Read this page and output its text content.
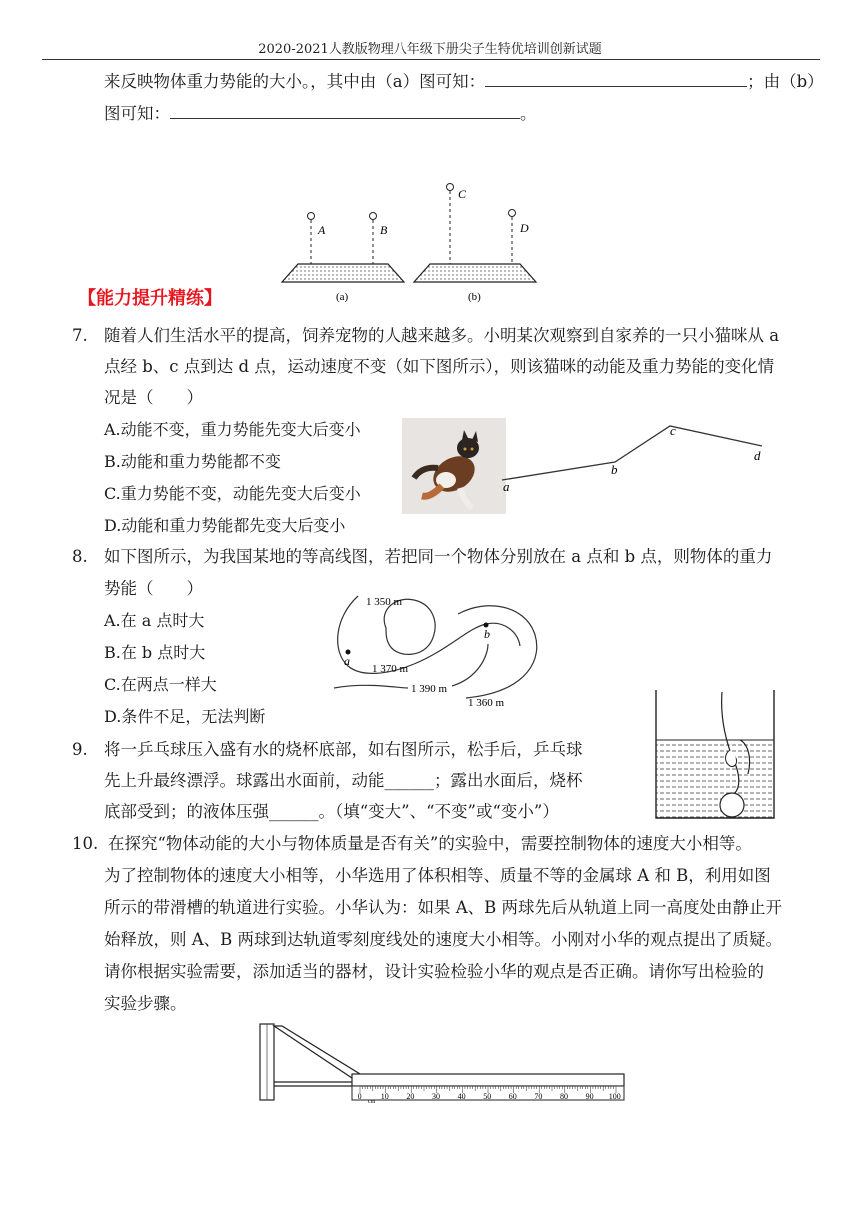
2020-2021人教版物理八年级下册尖子生特优培训创新试题
来反映物体重力势能的大小。，其中由（a）图可知：	；由（b）
图可知：	。
A	B
C
D
(a)	(b)
【能力提升精练】
7. 随着人们生活水平的提高，饲养宠物的人越来越多。小明某次观察到自家养的一只小猫咪从 a
点经 b、c 点到达 d 点，运动速度不变（如下图所示），则该猫咪的动能及重力势能的变化情
况是（　　）
A.动能不变，重力势能先变大后变小
B.动能和重力势能都不变
C.重力势能不变，动能先变大后变小
D.动能和重力势能都先变大后变小
a
b
c
d
8. 如下图所示，为我国某地的等高线图，若把同一个物体分别放在 a 点和 b 点，则物体的重力
势能（　　）
A.在 a 点时大
B.在 b 点时大
C.在两点一样大
D.条件不足，无法判断
1 350 m
1 370 m
1 390 m
1 360 m
a
b
9. 将一乒乓球压入盛有水的烧杯底部，如右图所示，松手后，乒乓球
先上升最终漂浮。球露出水面前，动能______；露出水面后，烧杯
底部受到；的液体压强______。（填“变大”、“不变”或“变小”）
10. 在探究“物体动能的大小与物体质量是否有关”的实验中，需要控制物体的速度大小相等。
为了控制物体的速度大小相等，小华选用了体积相等、质量不等的金属球 A 和 B，利用如图
所示的带滑槽的轨道进行实验。小华认为：如果 A、B 两球先后从轨道上同一高度处由静止开
始释放，则 A、B 两球到达轨道零刻度线处的速度大小相等。小刚对小华的观点提出了质疑。
请你根据实验需要，添加适当的器材，设计实验检验小华的观点是否正确。请你写出检验的
实验步骤。
0 10 20 30 40 50 60 70 80 90 100
cm
